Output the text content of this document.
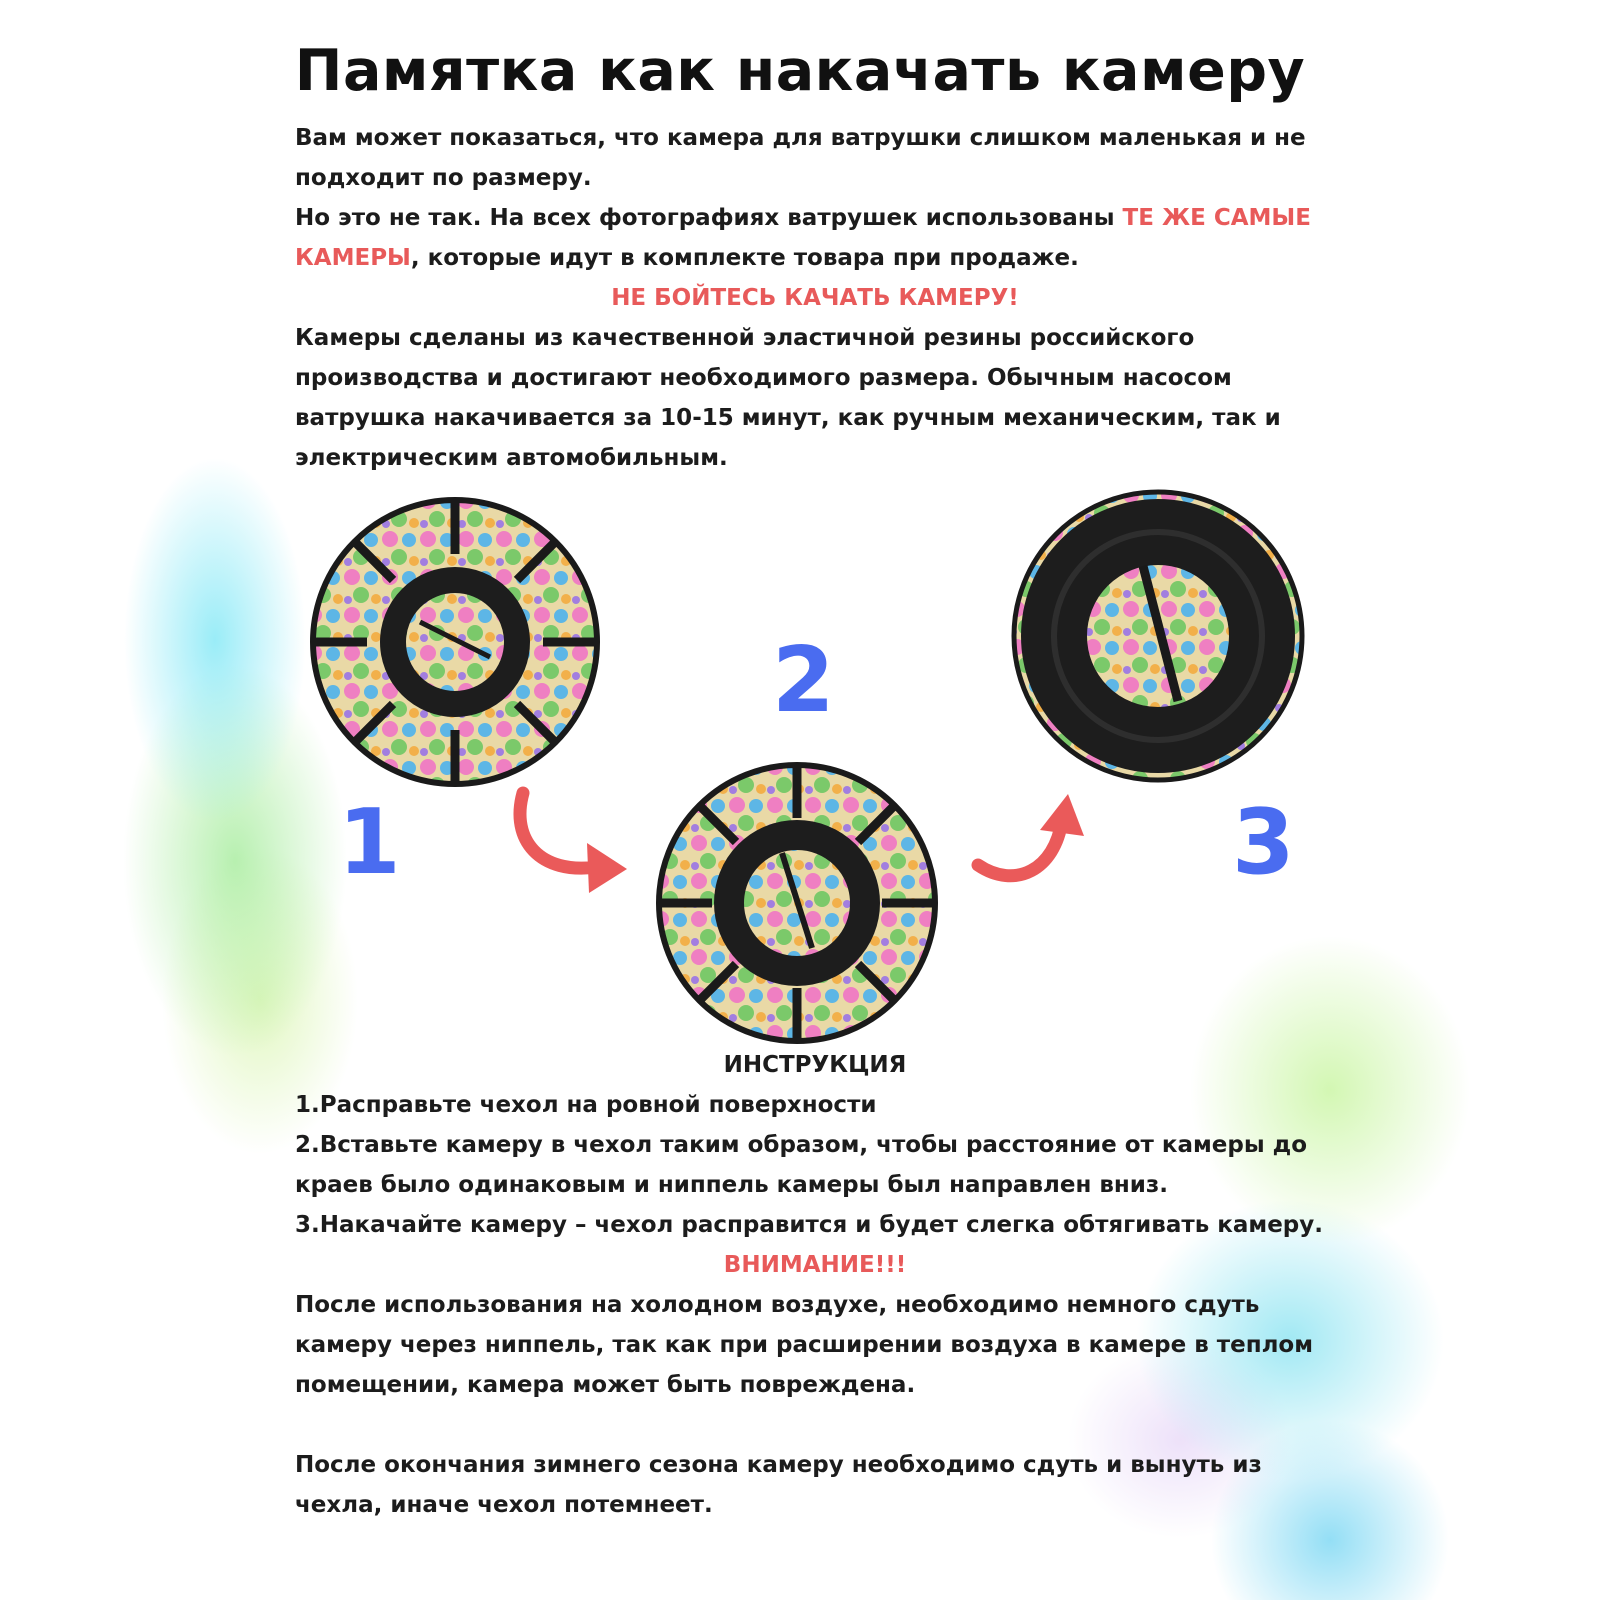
Памятка как накачать камеру
Вам может показаться, что камера для ватрушки слишком маленькая и не подходит по размеру.
Но это не так. На всех фотографиях ватрушек использованы ТЕ ЖЕ САМЫЕ КАМЕРЫ, которые идут в комплекте товара при продаже.
НЕ БОЙТЕСЬ КАЧАТЬ КАМЕРУ!
Камеры сделаны из качественной эластичной резины российского производства и достигают необходимого размера. Обычным насосом ватрушка накачивается за 10-15 минут, как ручным механическим, так и электрическим автомобильным.
1
2
3
ИНСТРУКЦИЯ
1.Расправьте чехол на ровной поверхности
2.Вставьте камеру в чехол таким образом, чтобы расстояние от камеры до краев было одинаковым и ниппель камеры был направлен вниз.
3.Накачайте камеру – чехол расправится и будет слегка обтягивать камеру.
ВНИМАНИЕ!!!
После использования на холодном воздухе, необходимо немного сдуть камеру через ниппель, так как при расширении воздуха в камере в теплом помещении, камера может быть повреждена.
После окончания зимнего сезона камеру необходимо сдуть и вынуть из чехла, иначе чехол потемнеет.
